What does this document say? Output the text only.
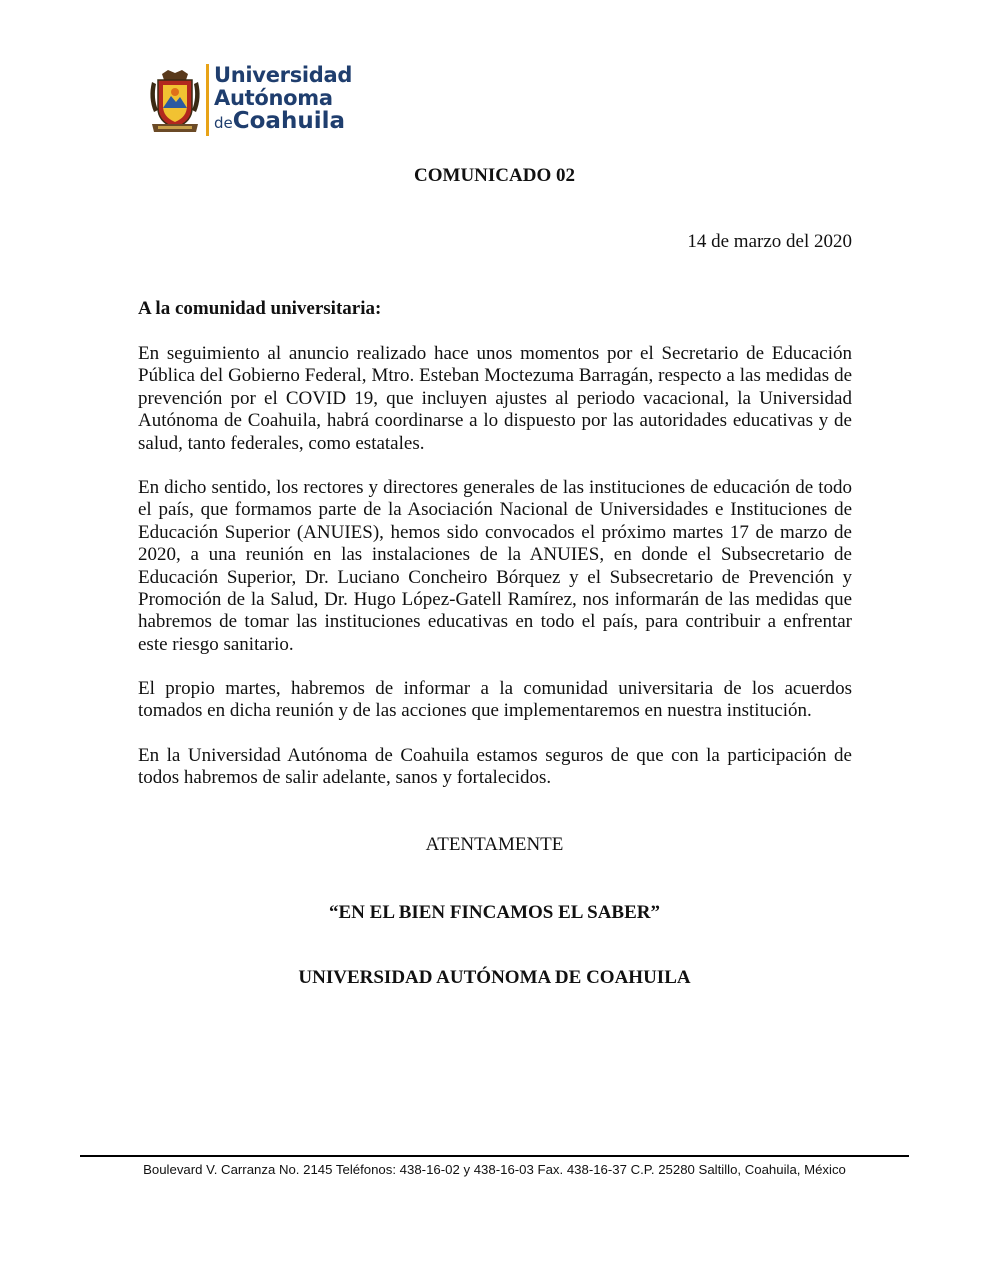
Universidad
Autónoma
deCoahuila
COMUNICADO 02
14 de marzo del 2020
A la comunidad universitaria:
En seguimiento al anuncio realizado hace unos momentos por el Secretario de Educación Pública del Gobierno Federal, Mtro. Esteban Moctezuma Barragán, respecto a las medidas de prevención por el COVID 19, que incluyen ajustes al periodo vacacional, la Universidad Autónoma de Coahuila, habrá coordinarse a lo dispuesto por las autoridades educativas y de salud, tanto federales, como estatales.
En dicho sentido, los rectores y directores generales de las instituciones de educación de todo el país, que formamos parte de la Asociación Nacional de Universidades e Instituciones de Educación Superior (ANUIES), hemos sido convocados el próximo martes 17 de marzo de 2020, a una reunión en las instalaciones de la ANUIES, en donde el Subsecretario de Educación Superior, Dr. Luciano Concheiro Bórquez y el Subsecretario de Prevención y Promoción de la Salud, Dr. Hugo López-Gatell Ramírez, nos informarán de las medidas que habremos de tomar las instituciones educativas en todo el país, para contribuir a enfrentar este riesgo sanitario.
El propio martes, habremos de informar a la comunidad universitaria de los acuerdos tomados en dicha reunión y de las acciones que implementaremos en nuestra institución.
En la Universidad Autónoma de Coahuila estamos seguros de que con la participación de todos habremos de salir adelante, sanos y fortalecidos.
ATENTAMENTE
“EN EL BIEN FINCAMOS EL SABER”
UNIVERSIDAD AUTÓNOMA DE COAHUILA
Boulevard V. Carranza No. 2145 Teléfonos: 438-16-02 y 438-16-03 Fax. 438-16-37 C.P. 25280 Saltillo, Coahuila, México
